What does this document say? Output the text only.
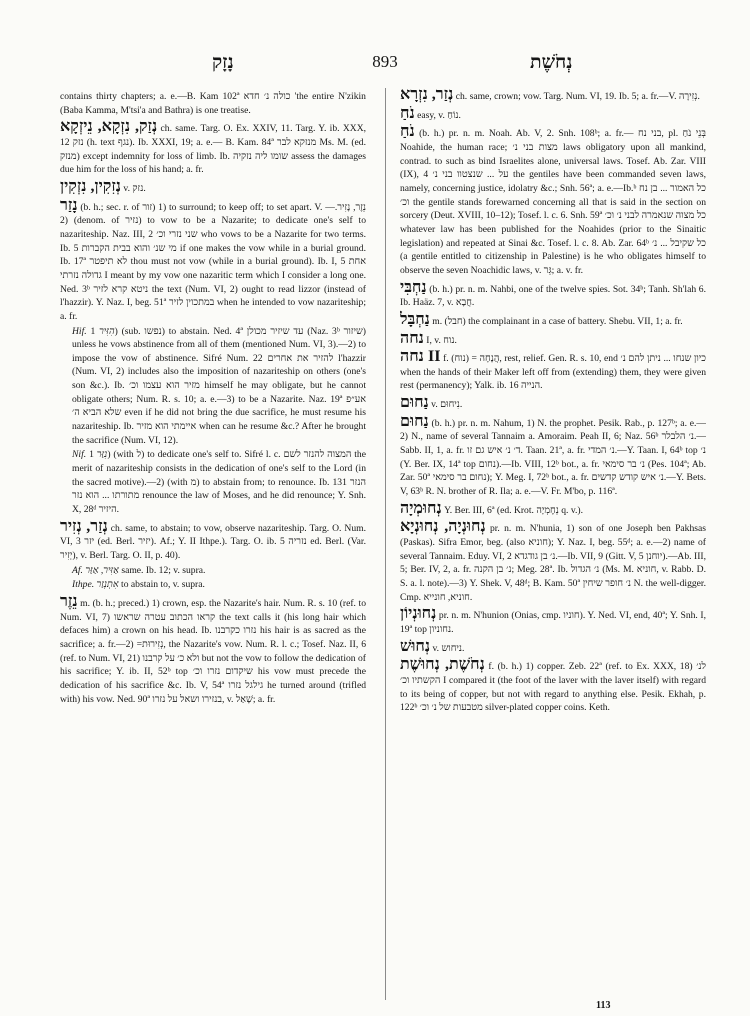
נָזָק	893	נְחֹשֶׁת

contains thirty chapters; a. e.—B. Kam 102ª כולה נ׳ חדא 'the entire N'zikin (Baba Kamma, M'tsi'a and Bathra) is one treatise.

נְזַק, נִזְקָא, נֵיזְקָא ch. same. Targ. O. Ex. XXIV, 11. Targ. Y. ib. XXX, 12 נזק (h. text נגף). Ib. XXXI, 19; a. e.— B. Kam. 84ª מנזקא לבר Ms. M. (ed. מנזק) except indemnity for loss of limb. Ib. שומו ליה נזקיה assess the damages due him for the loss of his hand; a. fr.

נְזִקִין, נִזְקִין v. נזק.

נָזַר (b. h.; sec. r. of זור) 1) to surround; to keep off; to set apart. V. נֵזֶר, נָזִיר.—2) (denom. of נזיר) to vow to be a Nazarite; to dedicate one's self to nazariteship. Naz. III, 2 שני נזרי וכ׳ who vows to be a Nazarite for two terms. Ib. 5 מי שנ׳ והוא בבית הקברות if one makes the vow while in a burial ground. Ib. 17ª לא תיפטר thou must not vow (while in a burial ground). Ib. I, 5 אחת גדולה נזרתי I meant by my vow one nazaritic term which I consider a long one. Ned. 3ᵇ ניטא קרא לזיר the text (Num. VI, 2) ought to read lizzor (instead of l'hazzir). Y. Naz. I, beg. 51ª במתכוין לזיר when he intended to vow nazariteship; a. fr.

Hif. הִזִּיר 1) (sub. נפשו) to abstain. Ned. 4ª עד שיזיר מכולן (Naz. 3ᵇ שיזור) unless he vows abstinence from all of them (mentioned Num. VI, 3).—2) to impose the vow of abstinence. Sifré Num. 22 להזיר את אחרים l'hazzir (Num. VI, 2) includes also the imposition of nazariteship on others (one's son &c.). Ib. מזיר הוא עצמו וכ׳ himself he may obligate, but he cannot obligate others; Num. R. s. 10; a. e.—3) to be a Nazarite. Naz. 19ª אע״פ שלא הביא ה׳ even if he did not bring the due sacrifice, he must resume his nazariteship. Ib. איימתי הוא מזיר when can he resume &c.? After he brought the sacrifice (Num. VI, 12).

Nif. נִזַּר 1) (with ל) to dedicate one's self to. Sifré l. c. המצוה להנזר לשם the merit of nazariteship consists in the dedication of one's self to the Lord (in the sacred motive).—2) (with מ) to abstain from; to renounce. Ib. 131 הנזר מתורתו ... הוא נזר renounce the law of Moses, and he did renounce; Y. Snh. X, 28ᵈ היזיר.

נְזַר, נְזִיר ch. same, to abstain; to vow, observe nazariteship. Targ. O. Num. VI, 3 יזר (ed. Berl. יזיר). Af.; Y. II Ithpe.). Targ. O. ib. 5 נזריה ed. Berl. (Var. יְזִיר), v. Berl. Targ. O. II, p. 40).

Af. אַזִּיר, אַזַּר same. Ib. 12; v. supra.

Ithpe. אִתְנְזַר to abstain to, v. supra.

נֵזֶר m. (b. h.; preced.) 1) crown, esp. the Nazarite's hair. Num. R. s. 10 (ref. to Num. VI, 7) קראו הכתוב עטרה שראשו the text calls it (his long hair which defaces him) a crown on his head. Ib. נזרו כקרבנו his hair is as sacred as the sacrifice; a. fr.—2) =נְזִירוּת, the Nazarite's vow. Num. R. l. c.; Tosef. Naz. II, 6 (ref. to Num. VI, 21) ולא כ׳ על קרבנו but not the vow to follow the dedication of his sacrifice; Y. ib. II, 52ᵇ top שיקדום נזרו וכ׳ his vow must precede the dedication of his sacrifice &c. Ib. V, 54ª גילגל נזרו he turned around (trifled with) his vow. Ned. 90ª בנזירו ושאל על נזרו, v. שָׁאַל; a. fr.

נְזַר, נִזְרָא ch. same, crown; vow. Targ. Num. VI, 19. Ib. 5; a. fr.—V. נְזִירָה.

נֹחַ easy, v. נוֹחַ.

נֹחַ (b. h.) pr. n. m. Noah. Ab. V, 2. Snh. 108ᵇ; a. fr.— בני נח, pl. בְּנֵי נֹחַ Noahide, the human race; מצות בני נ׳ laws obligatory upon all mankind, contrad. to such as bind Israelites alone, universal laws. Tosef. Ab. Zar. VIII (IX), 4 על ... שנצטוו בני נ׳ the gentiles have been commanded seven laws, namely, concerning justice, idolatry &c.; Snh. 56ª; a. e.—Ib.ᵇ כל האמור ... בן נח וכ׳ the gentile stands forewarned concerning all that is said in the section on sorcery (Deut. XVIII, 10–12); Tosef. l. c. 6. Snh. 59ª כל מצוה שנאמרה לבני נ׳ וכ׳ whatever law has been published for the Noahides (prior to the Sinaitic legislation) and repeated at Sinai &c. Tosef. l. c. 8. Ab. Zar. 64ᵇ כל שקיבל ... נ׳ (a gentile entitled to citizenship in Palestine) is he who obligates himself to observe the seven Noachidic laws, v. גֵּר; a. v. fr.

נַחְבִּי (b. h.) pr. n. m. Nahbi, one of the twelve spies. Sot. 34ᵇ; Tanh. Sh'lah 6. Ib. Haäz. 7, v. חֲבָא.

נַחְבָּל m. (חבל) the complainant in a case of battery. Shebu. VII, 1; a. fr.

נחה I, v. נוח.

נחה II f. (נוח) = הֲנָחָה, rest, relief. Gen. R. s. 10, end כיון שנחו ... ניתן להם נ׳ when the hands of their Maker left off from (extending) them, they were given rest (permanency); Yalk. ib. 16 הנייה.

נַחוּם v. נִיחוּם.

נַחוּם (b. h.) pr. n. m. Nahum, 1) N. the prophet. Pesik. Rab., p. 127ᵇ; a. e.—2) N., name of several Tannaim a. Amoraim. Peah II, 6; Naz. 56ᵇ נ׳ הלבלר.—Sabb. II, 1, a. fr. ד׳ נ׳ איש גם זו. Taan. 21ª, a. fr. נ׳ המדי.—Y. Taan. I, 64ᵇ top נ׳ (Y. Ber. IX, 14ª top נחום).—Ib. VIII, 12ᵇ bot., a. fr. נ׳ בר סימאי (Pes. 104ª; Ab. Zar. 50ª נחום בר סימאי); Y. Meg. I, 72ᵇ bot., a. fr. נ׳ איש קודש קדשים.—Y. Bets. V, 63ᵇ R. N. brother of R. Ila; a. e.—V. Fr. M'bo, p. 116ª.

נְחוּמְיָה Y. Ber. III, 6ª (ed. Krot. נְחֶמְיָה q. v.).

נְחוּנְיָה, נְחוּנְיָא pr. n. m. N'hunia, 1) son of one Joseph ben Pakhsas (Paskas). Sifra Emor, beg. (also חוניא); Y. Naz. I, beg. 55ᵈ; a. e.—2) name of several Tannaim. Eduy. VI, 2 נ׳ בן גודגדא.—Ib. VII, 9 (Gitt. V, 5 יוחנן).—Ab. III, 5; Ber. IV, 2, a. fr. נ׳ בן הקנה; Meg. 28ª. Ib. נ׳ הגדול (Ms. M. חוניא, v. Rabb. D. S. a. l. note).—3) Y. Shek. V, 48ᵈ; B. Kam. 50ª נ׳ חופר שיחין N. the well-digger. Cmp. חוניא, חונייא.

נְחוּנְיוֹן pr. n. m. N'hunion (Onias, cmp. חוניו). Y. Ned. VI, end, 40ª; Y. Snh. I, 19ª top נחוניון.

נְחוּשׁ v. ניחוש.

נְחֹשֶׁת, נְחוּשֶׁת f. (b. h.) 1) copper. Zeb. 22ª (ref. to Ex. XXX, 18) לנ׳ הקשתיו וכ׳ I compared it (the foot of the laver with the laver itself) with regard to its being of copper, but not with regard to anything else. Pesik. Ekhah, p. 122ᵇ מטבעות של נ׳ וכ׳ silver-plated copper coins. Keth.

113
